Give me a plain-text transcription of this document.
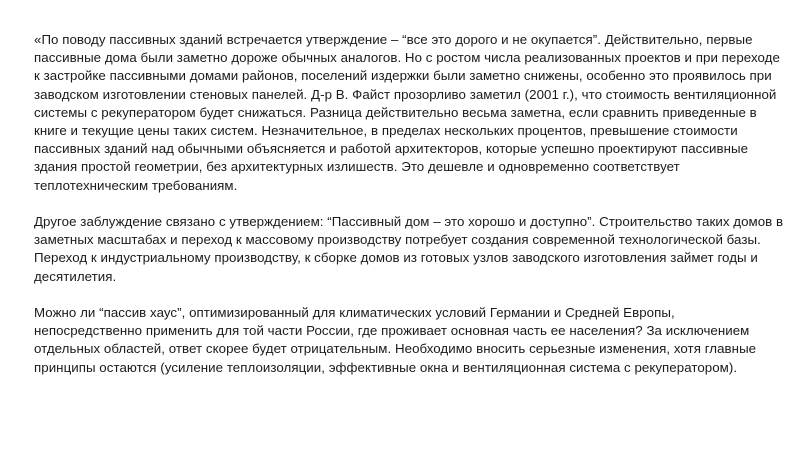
«По поводу пассивных зданий встречается утверждение – “все это дорого и не окупается”. Действительно, первые пассивные дома были заметно дороже обычных аналогов. Но с ростом числа реализованных проектов и при переходе к застройке пассивными домами районов, поселений издержки были заметно снижены, особенно это проявилось при заводском изготовлении стеновых панелей. Д-р В. Файст прозорливо заметил (2001 г.), что стоимость вентиляционной системы с рекуператором будет снижаться. Разница действительно весьма заметна, если сравнить приведенные в книге и текущие цены таких систем. Незначительное, в пределах нескольких процентов, превышение стоимости пассивных зданий над обычными объясняется и работой архитекторов, которые успешно проектируют пассивные здания простой геометрии, без архитектурных излишеств. Это дешевле и одновременно соответствует теплотехническим требованиям.

Другое заблуждение связано с утверждением: “Пассивный дом – это хорошо и доступно”. Строительство таких домов в заметных масштабах и переход к массовому производству потребует создания современной технологической базы. Переход к индустриальному производству, к сборке домов из готовых узлов заводского изготовления займет годы и десятилетия.

Можно ли “пассив хаус”, оптимизированный для климатических условий Германии и Средней Европы, непосредственно применить для той части России, где проживает основная часть ее населения? За исключением отдельных областей, ответ скорее будет отрицательным. Необходимо вносить серьезные изменения, хотя главные принципы остаются (усиление теплоизоляции, эффективные окна и вентиляционная система с рекуператором).
